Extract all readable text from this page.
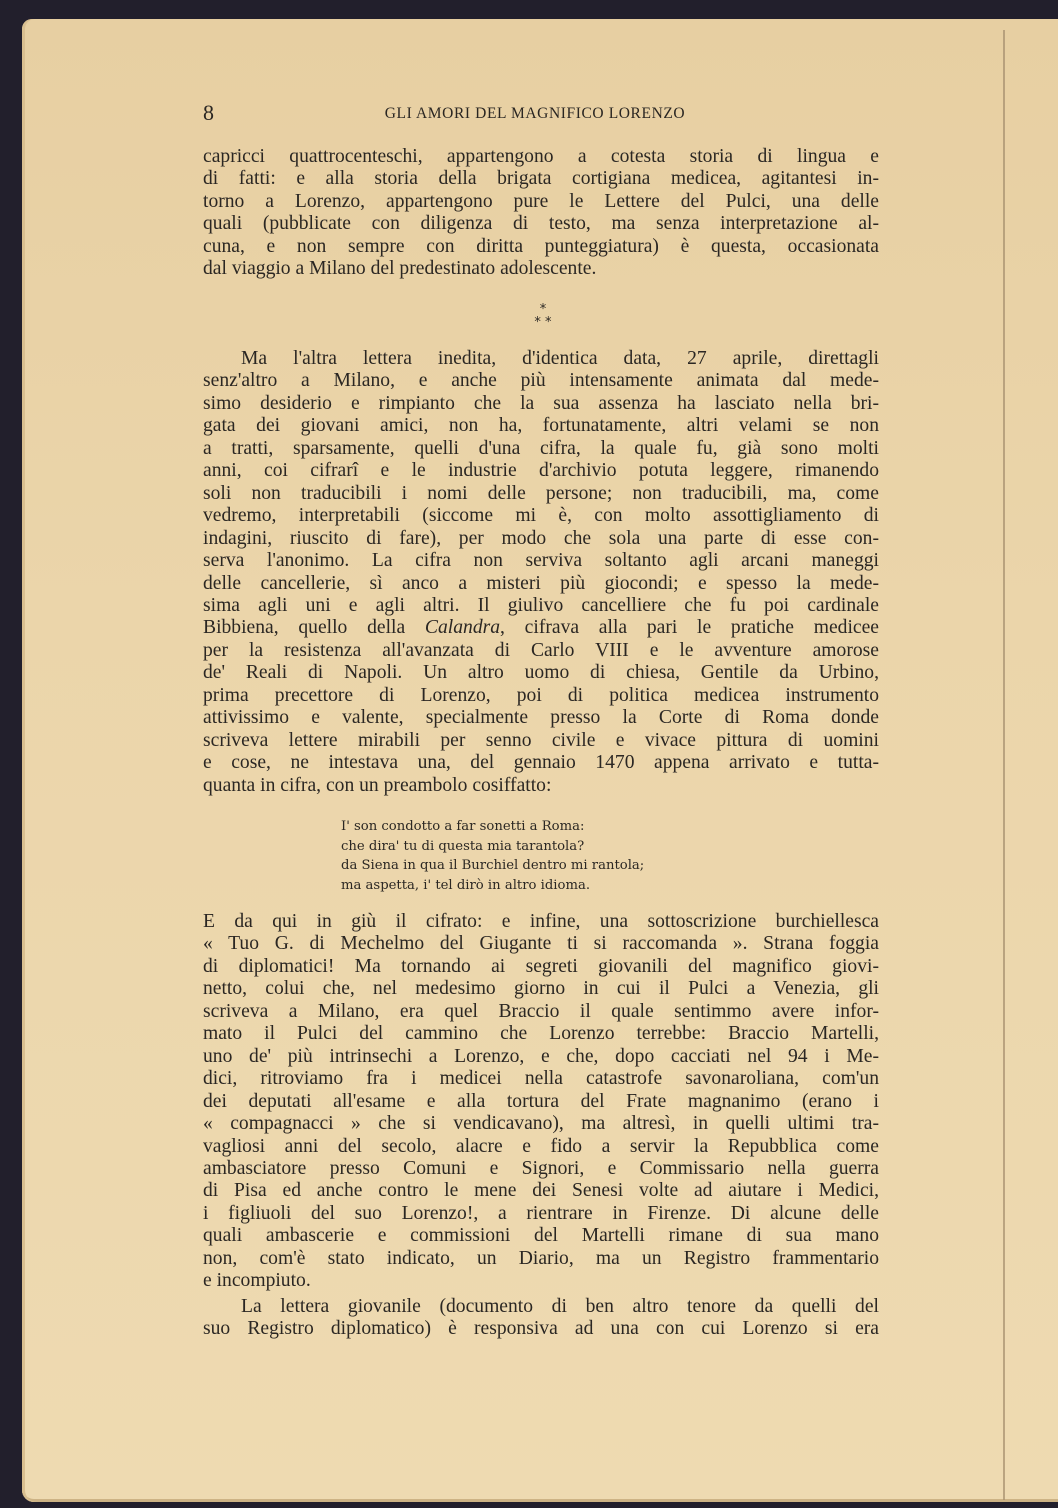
8	GLI AMORI DEL MAGNIFICO LORENZO
capricci quattrocenteschi, appartengono a cotesta storia di lingua e
di fatti: e alla storia della brigata cortigiana medicea, agitantesi in-
torno a Lorenzo, appartengono pure le Lettere del Pulci, una delle
quali (pubblicate con diligenza di testo, ma senza interpretazione al-
cuna, e non sempre con diritta punteggiatura) è questa, occasionata
dal viaggio a Milano del predestinato adolescente.
*
* *
Ma l'altra lettera inedita, d'identica data, 27 aprile, direttagli
senz'altro a Milano, e anche più intensamente animata dal mede-
simo desiderio e rimpianto che la sua assenza ha lasciato nella bri-
gata dei giovani amici, non ha, fortunatamente, altri velami se non
a tratti, sparsamente, quelli d'una cifra, la quale fu, già sono molti
anni, coi cifrarî e le industrie d'archivio potuta leggere, rimanendo
soli non traducibili i nomi delle persone; non traducibili, ma, come
vedremo, interpretabili (siccome mi è, con molto assottigliamento di
indagini, riuscito di fare), per modo che sola una parte di esse con-
serva l'anonimo. La cifra non serviva soltanto agli arcani maneggi
delle cancellerie, sì anco a misteri più giocondi; e spesso la mede-
sima agli uni e agli altri. Il giulivo cancelliere che fu poi cardinale
Bibbiena, quello della Calandra, cifrava alla pari le pratiche medicee
per la resistenza all'avanzata di Carlo VIII e le avventure amorose
de' Reali di Napoli. Un altro uomo di chiesa, Gentile da Urbino,
prima precettore di Lorenzo, poi di politica medicea instrumento
attivissimo e valente, specialmente presso la Corte di Roma donde
scriveva lettere mirabili per senno civile e vivace pittura di uomini
e cose, ne intestava una, del gennaio 1470 appena arrivato e tutta-
quanta in cifra, con un preambolo cosiffatto:
I' son condotto a far sonetti a Roma:
che dira' tu di questa mia tarantola?
da Siena in qua il Burchiel dentro mi rantola;
ma aspetta, i' tel dirò in altro idioma.
E da qui in giù il cifrato: e infine, una sottoscrizione burchiellesca
« Tuo G. di Mechelmo del Giugante ti si raccomanda ». Strana foggia
di diplomatici! Ma tornando ai segreti giovanili del magnifico giovi-
netto, colui che, nel medesimo giorno in cui il Pulci a Venezia, gli
scriveva a Milano, era quel Braccio il quale sentimmo avere infor-
mato il Pulci del cammino che Lorenzo terrebbe: Braccio Martelli,
uno de' più intrinsechi a Lorenzo, e che, dopo cacciati nel 94 i Me-
dici, ritroviamo fra i medicei nella catastrofe savonaroliana, com'un
dei deputati all'esame e alla tortura del Frate magnanimo (erano i
« compagnacci » che si vendicavano), ma altresì, in quelli ultimi tra-
vagliosi anni del secolo, alacre e fido a servir la Repubblica come
ambasciatore presso Comuni e Signori, e Commissario nella guerra
di Pisa ed anche contro le mene dei Senesi volte ad aiutare i Medici,
i figliuoli del suo Lorenzo!, a rientrare in Firenze. Di alcune delle
quali ambascerie e commissioni del Martelli rimane di sua mano
non, com'è stato indicato, un Diario, ma un Registro frammentario
e incompiuto.
La lettera giovanile (documento di ben altro tenore da quelli del
suo Registro diplomatico) è responsiva ad una con cui Lorenzo si era
